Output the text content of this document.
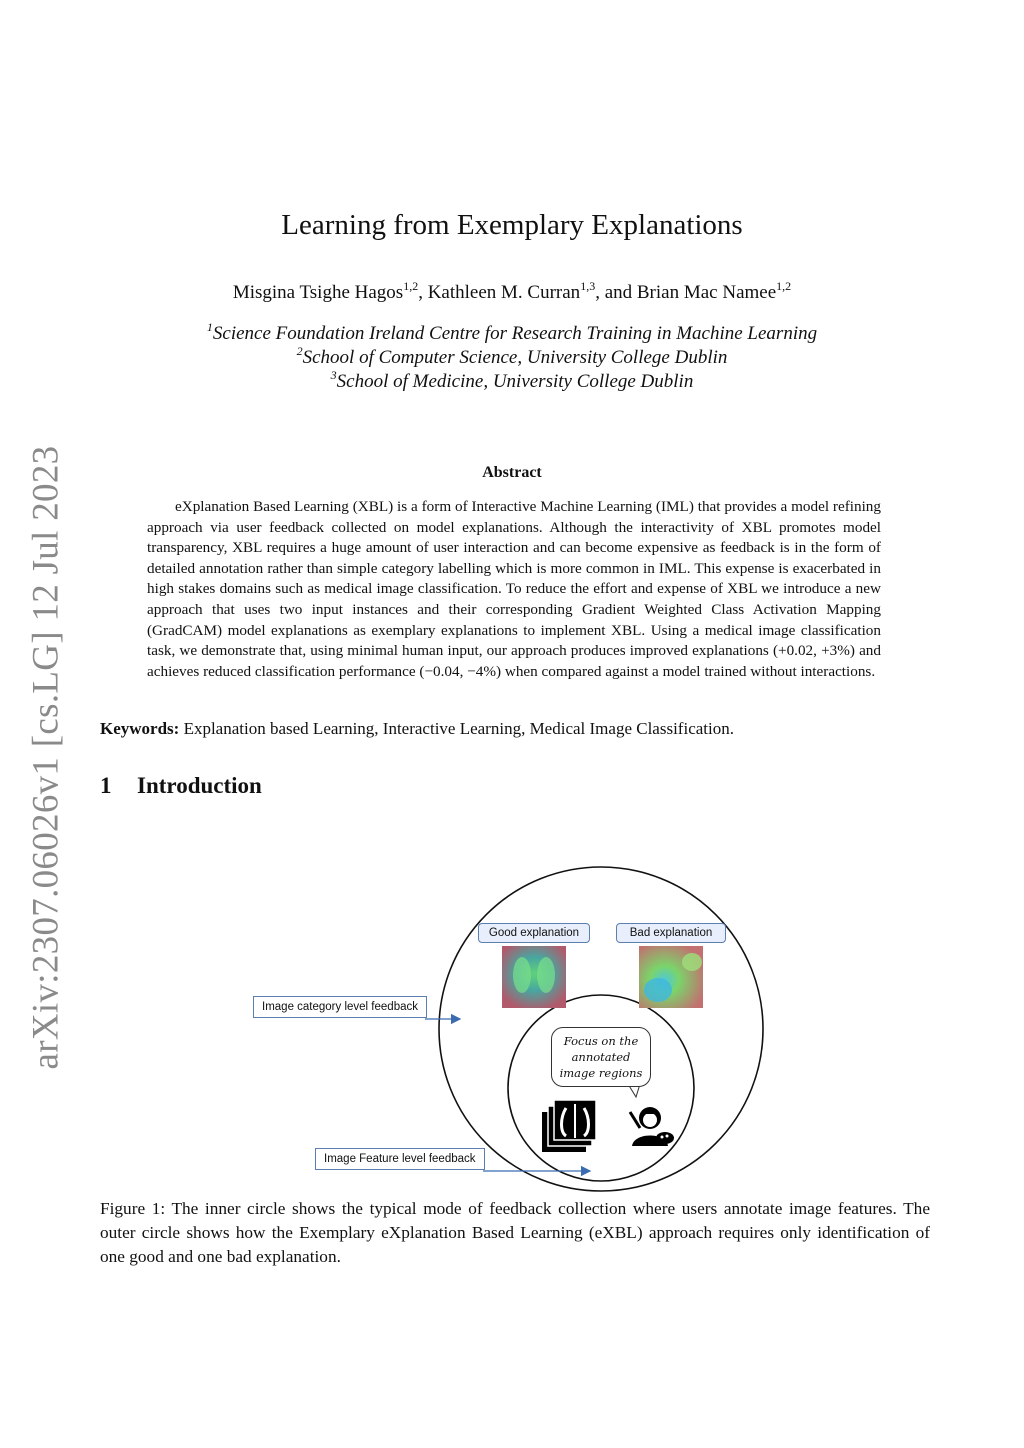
arXiv:2307.06026v1 [cs.LG] 12 Jul 2023
Learning from Exemplary Explanations
Misgina Tsighe Hagos$^{1,2}$, Kathleen M. Curran$^{1,3}$, and Brian Mac Namee$^{1,2}$
$^1$Science Foundation Ireland Centre for Research Training in Machine Learning
$^2$School of Computer Science, University College Dublin
$^3$School of Medicine, University College Dublin
Abstract

eXplanation Based Learning (XBL) is a form of Interactive Machine Learning (IML) that provides a model refining approach via user feedback collected on model explanations. Although the interactivity of XBL promotes model transparency, XBL requires a huge amount of user interaction and can become expensive as feedback is in the form of detailed annotation rather than simple category labelling which is more common in IML. This expense is exacerbated in high stakes domains such as medical image classification. To reduce the effort and expense of XBL we introduce a new approach that uses two input instances and their corresponding Gradient Weighted Class Activation Mapping (GradCAM) model explanations as exemplary explanations to implement XBL. Using a medical image classification task, we demonstrate that, using minimal human input, our approach produces improved explanations (+0.02, +3%) and achieves reduced classification performance (−0.04, −4%) when compared against a model trained without interactions.

Keywords: Explanation based Learning, Interactive Learning, Medical Image Classification.
1 Introduction
Good explanation	Bad explanation
Image category level feedback
Image Feature level feedback
Focus on the
annotated
image regions

Figure 1: The inner circle shows the typical mode of feedback collection where users annotate image features. The outer circle shows how the Exemplary eXplanation Based Learning (eXBL) approach requires only identification of one good and one bad explanation.
